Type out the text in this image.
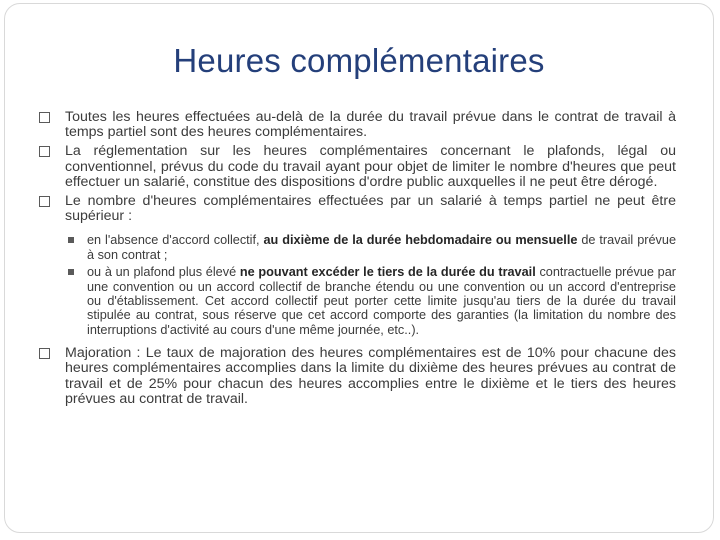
Heures complémentaires
Toutes les heures effectuées au-delà de la durée du travail prévue dans le contrat de travail à temps partiel sont des heures complémentaires.
La réglementation sur les heures complémentaires concernant le plafonds, légal ou conventionnel, prévus du code du travail ayant pour objet de limiter le nombre d'heures que peut effectuer un salarié, constitue des dispositions d'ordre public auxquelles il ne peut être dérogé.
Le nombre d'heures complémentaires effectuées par un salarié à temps partiel ne peut être supérieur :
en l'absence d'accord collectif, au dixième de la durée hebdomadaire ou mensuelle de travail prévue à son contrat ;
ou à un plafond plus élevé ne pouvant excéder le tiers de la durée du travail contractuelle prévue par une convention ou un accord collectif de branche étendu ou une convention ou un accord d'entreprise ou d'établissement. Cet accord collectif peut porter cette limite jusqu'au tiers de la durée du travail stipulée au contrat, sous réserve que cet accord comporte des garanties (la limitation du nombre des interruptions d'activité au cours d'une même journée, etc..).
Majoration : Le taux de majoration des heures complémentaires est de 10% pour chacune des heures complémentaires accomplies dans la limite du dixième des heures prévues au contrat de travail et de 25% pour chacun des heures accomplies entre le dixième et le tiers des heures prévues au contrat de travail.
